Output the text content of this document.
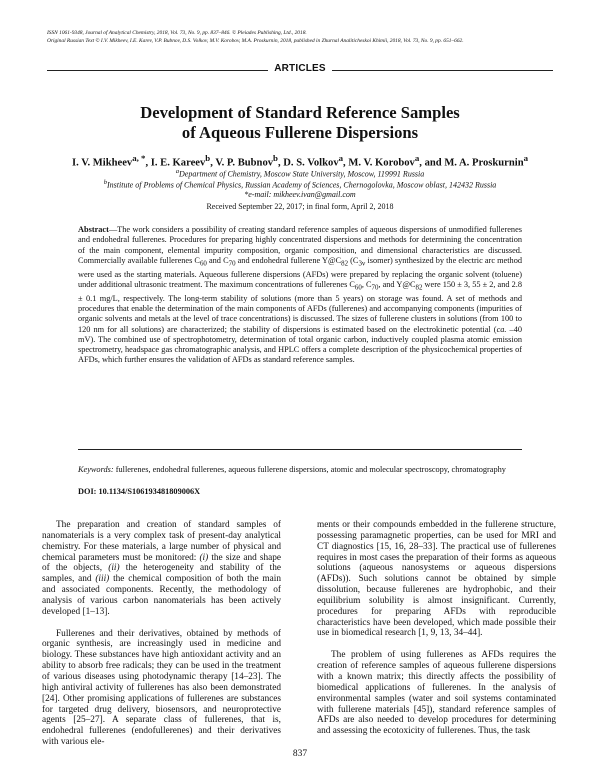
ISSN 1061-9348, Journal of Analytical Chemistry, 2018, Vol. 73, No. 9, pp. 837–846. © Pleiades Publishing, Ltd., 2018.
Original Russian Text © I.V. Mikheev, I.E. Karev, V.P. Bubnov, D.S. Volkov, M.V. Korobov, M.A. Proskurnin, 2018, published in Zhurnal Analiticheskoi Khimii, 2018, Vol. 73, No. 9, pp. 651–662.
ARTICLES
Development of Standard Reference Samples
of Aqueous Fullerene Dispersions
I. V. Mikheev$^{a, *}$, I. E. Kareev$^b$, V. P. Bubnov$^b$, D. S. Volkov$^a$, M. V. Korobov$^a$, and M. A. Proskurnin$^a$
$^a$Department of Chemistry, Moscow State University, Moscow, 119991 Russia
$^b$Institute of Problems of Chemical Physics, Russian Academy of Sciences, Chernogolovka, Moscow oblast, 142432 Russia
*e-mail: mikheev.ivan@gmail.com
Received September 22, 2017; in final form, April 2, 2018
Abstract—The work considers a possibility of creating standard reference samples of aqueous dispersions of unmodified fullerenes and endohedral fullerenes. Procedures for preparing highly concentrated dispersions and methods for determining the concentration of the main component, elemental impurity composition, organic composition, and dimensional characteristics are discussed. Commercially available fullerenes $C_{60}$ and $C_{70}$ and endohedral fullerene $Y@C_{82}$ ($C_{3v}$ isomer) synthesized by the electric arc method were used as the starting materials. Aqueous fullerene dispersions (AFDs) were prepared by replacing the organic solvent (toluene) under additional ultrasonic treatment. The maximum concentrations of fullerenes $C_{60}$, $C_{70}$, and $Y@C_{82}$ were 150 ± 3, 55 ± 2, and 2.8 ± 0.1 mg/L, respectively. The long-term stability of solutions (more than 5 years) on storage was found. A set of methods and procedures that enable the determination of the main components of AFDs (fullerenes) and accompanying components (impurities of organic solvents and metals at the level of trace concentrations) is discussed. The sizes of fullerene clusters in solutions (from 100 to 120 nm for all solutions) are characterized; the stability of dispersions is estimated based on the electrokinetic potential (ca. –40 mV). The combined use of spectrophotometry, determination of total organic carbon, inductively coupled plasma atomic emission spectrometry, headspace gas chromatographic analysis, and HPLC offers a complete description of the physicochemical properties of AFDs, which further ensures the validation of AFDs as standard reference samples.
Keywords: fullerenes, endohedral fullerenes, aqueous fullerene dispersions, atomic and molecular spectroscopy, chromatography
DOI: 10.1134/S106193481809006X

The preparation and creation of standard samples of nanomaterials is a very complex task of present-day analytical chemistry. For these materials, a large number of physical and chemical parameters must be monitored: (i) the size and shape of the objects, (ii) the heterogeneity and stability of the samples, and (iii) the chemical composition of both the main and associated components. Recently, the methodology of analysis of various carbon nanomaterials has been actively developed [1–13].

Fullerenes and their derivatives, obtained by methods of organic synthesis, are increasingly used in medicine and biology. These substances have high antioxidant activity and an ability to absorb free radicals; they can be used in the treatment of various diseases using photodynamic therapy [14–23]. The high antiviral activity of fullerenes has also been demonstrated [24]. Other promising applications of fullerenes are substances for targeted drug delivery, biosensors, and neuroprotective agents [25–27]. A separate class of fullerenes, that is, endohedral fullerenes (endofullerenes) and their derivatives with various ele-

ments or their compounds embedded in the fullerene structure, possessing paramagnetic properties, can be used for MRI and CT diagnostics [15, 16, 28–33]. The practical use of fullerenes requires in most cases the preparation of their forms as aqueous solutions (aqueous nanosystems or aqueous dispersions (AFDs)). Such solutions cannot be obtained by simple dissolution, because fullerenes are hydrophobic, and their equilibrium solubility is almost insignificant. Currently, procedures for preparing AFDs with reproducible characteristics have been developed, which made possible their use in biomedical research [1, 9, 13, 34–44].

The problem of using fullerenes as AFDs requires the creation of reference samples of aqueous fullerene dispersions with a known matrix; this directly affects the possibility of biomedical applications of fullerenes. In the analysis of environmental samples (water and soil systems contaminated with fullerene materials [45]), standard reference samples of AFDs are also needed to develop procedures for determining and assessing the ecotoxicity of fullerenes. Thus, the task

837
